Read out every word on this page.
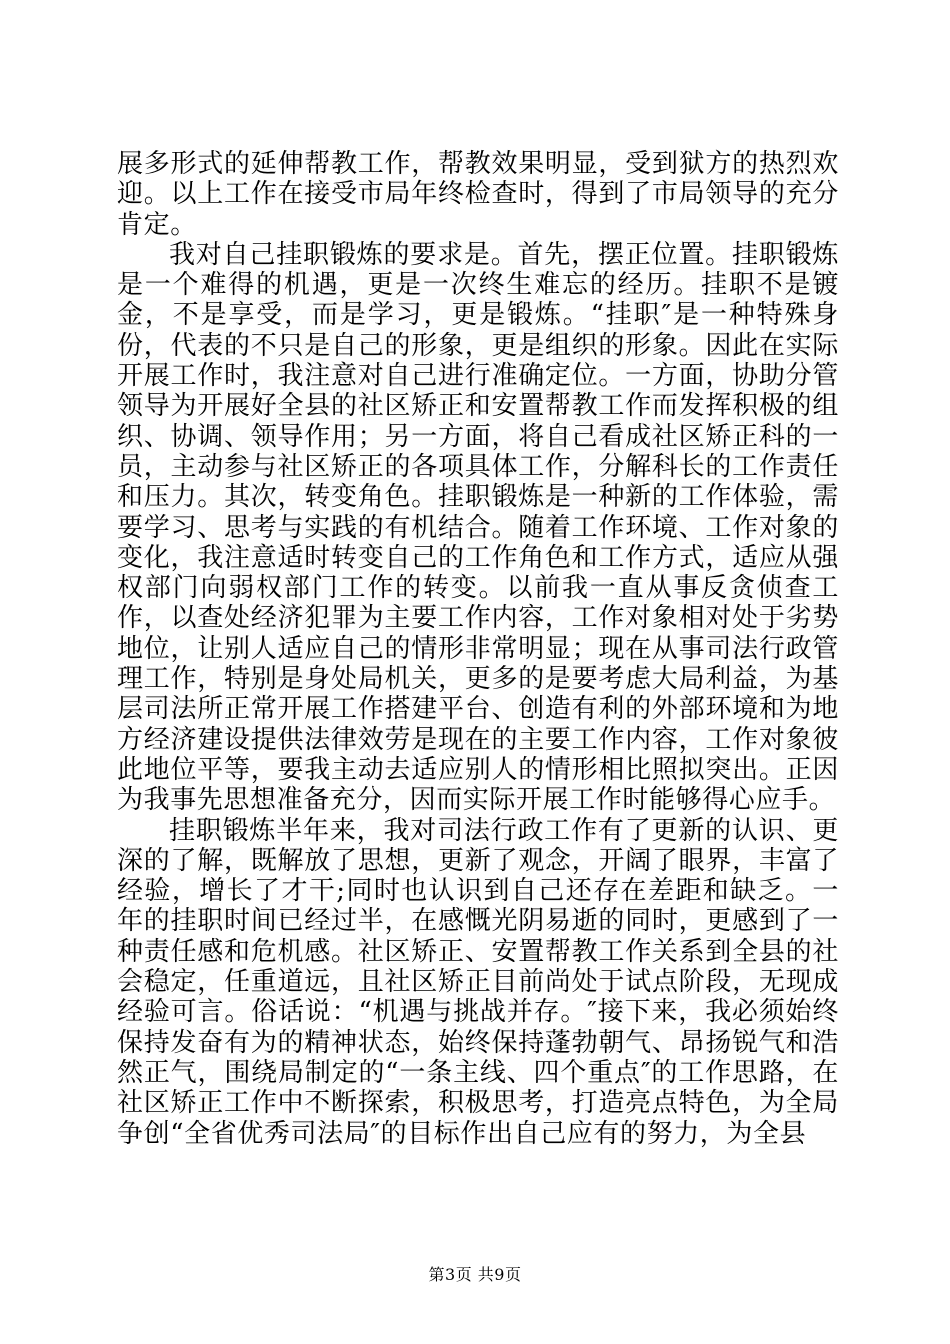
展多形式的延伸帮教工作，帮教效果明显，受到狱方的热烈欢迎。以上工作在接受市局年终检查时，得到了市局领导的充分肯定。

我对自己挂职锻炼的要求是。首先，摆正位置。挂职锻炼是一个难得的机遇，更是一次终生难忘的经历。挂职不是镀金，不是享受，而是学习，更是锻炼。“挂职″是一种特殊身份，代表的不只是自己的形象，更是组织的形象。因此在实际开展工作时，我注意对自己进行准确定位。一方面，协助分管领导为开展好全县的社区矫正和安置帮教工作而发挥积极的组织、协调、领导作用；另一方面，将自己看成社区矫正科的一员，主动参与社区矫正的各项具体工作，分解科长的工作责任和压力。其次，转变角色。挂职锻炼是一种新的工作体验，需要学习、思考与实践的有机结合。随着工作环境、工作对象的变化，我注意适时转变自己的工作角色和工作方式，适应从强权部门向弱权部门工作的转变。以前我一直从事反贪侦查工作，以查处经济犯罪为主要工作内容，工作对象相对处于劣势地位，让别人适应自己的情形非常明显；现在从事司法行政管理工作，特别是身处局机关，更多的是要考虑大局利益，为基层司法所正常开展工作搭建平台、创造有利的外部环境和为地方经济建设提供法律效劳是现在的主要工作内容，工作对象彼此地位平等，要我主动去适应别人的情形相比照拟突出。正因为我事先思想准备充分，因而实际开展工作时能够得心应手。

挂职锻炼半年来，我对司法行政工作有了更新的认识、更深的了解，既解放了思想，更新了观念，开阔了眼界，丰富了经验，增长了才干;同时也认识到自己还存在差距和缺乏。一年的挂职时间已经过半，在感慨光阴易逝的同时，更感到了一种责任感和危机感。社区矫正、安置帮教工作关系到全县的社会稳定，任重道远，且社区矫正目前尚处于试点阶段，无现成经验可言。俗话说：“机遇与挑战并存。″接下来，我必须始终保持发奋有为的精神状态，始终保持蓬勃朝气、昂扬锐气和浩然正气，围绕局制定的“一条主线、四个重点″的工作思路，在社区矫正工作中不断探索，积极思考，打造亮点特色，为全局争创“全省优秀司法局″的目标作出自己应有的努力，为全县

第3页 共9页
